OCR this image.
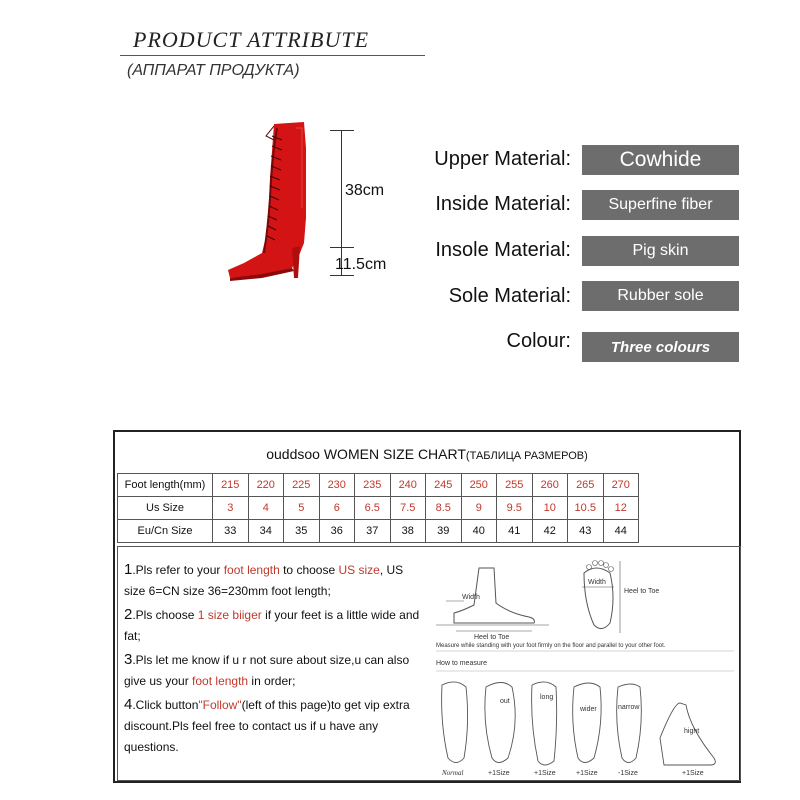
PRODUCT ATTRIBUTE
(АППАРАТ ПРОДУКТА)
38cm
11.5cm
Upper Material:	Cowhide
Inside Material:	Superfine fiber
Insole Material:	Pig skin
Sole Material:	Rubber sole
Colour:	Three colours
ouddsoo WOMEN SIZE CHART(ТАБЛИЦА РАЗМЕРОВ)
Foot length(mm)	215	220	225	230	235	240	245	250	255	260	265	270
Us Size	3	4	5	6	6.5	7.5	8.5	9	9.5	10	10.5	12
Eu/Cn Size	33	34	35	36	37	38	39	40	41	42	43	44
1.Pls refer to your foot length to choose US size, US size 6=CN size 36=230mm foot length;
2.Pls choose 1 size biiger if your feet is a little wide and fat;
3.Pls let me know if u r not sure about size,u can also give us your foot length in order;
4.Click button"Follow"(left of this page)to get vip extra discount.Pls feel free to contact us if u have any questions.
Width
Heel to Toe
Width
Heel to Toe
Measure while standing with your foot firmly on the floor and parallel to your other foot.
How to measure
out
long
wider	narrow
hight
Normal	+1Size	+1Size	+1Size	-1Size	+1Size
